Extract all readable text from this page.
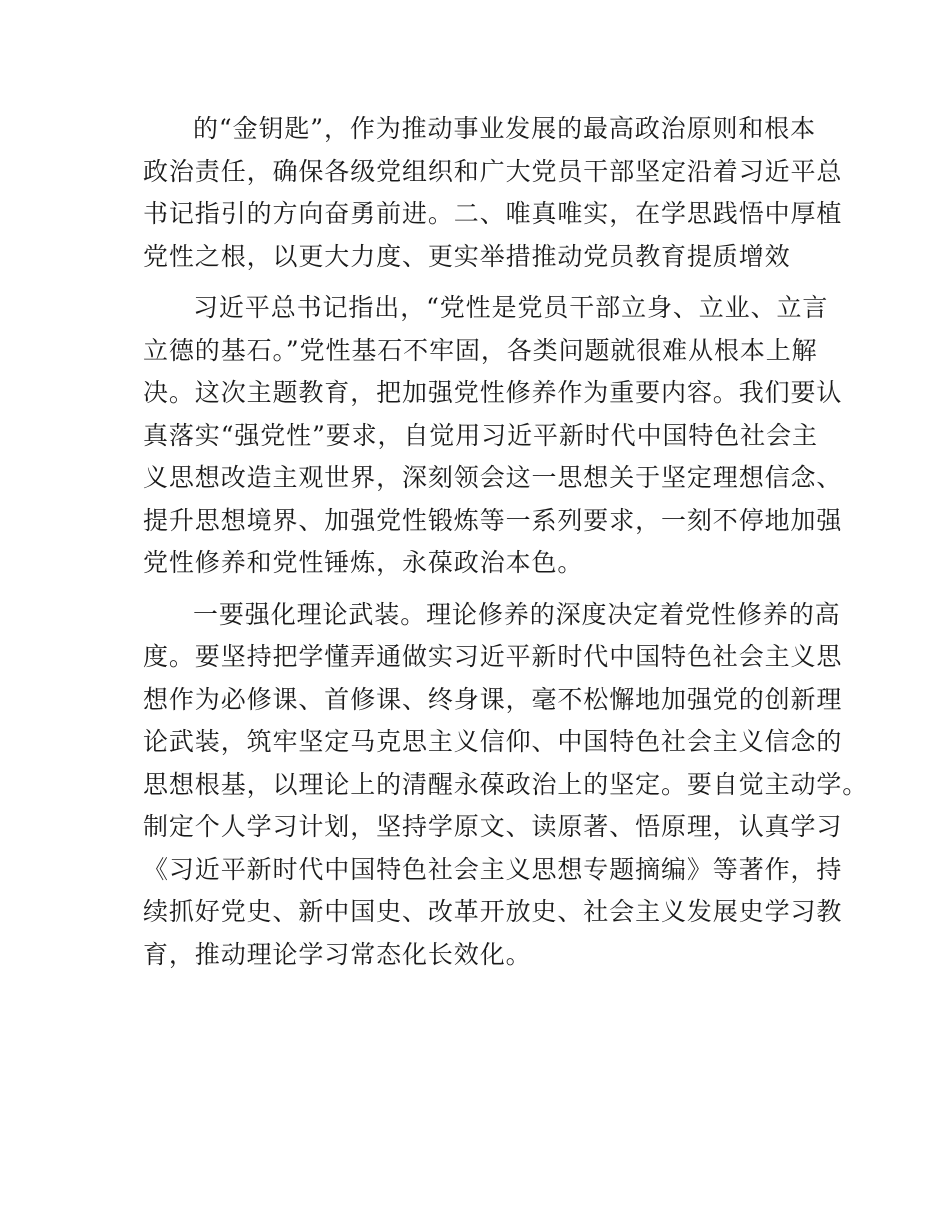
的“金钥匙”，作为推动事业发展的最高政治原则和根本
政治责任，确保各级党组织和广大党员干部坚定沿着习近平总
书记指引的方向奋勇前进。二、唯真唯实，在学思践悟中厚植
党性之根，以更大力度、更实举措推动党员教育提质增效

习近平总书记指出，“党性是党员干部立身、立业、立言
立德的基石。”党性基石不牢固，各类问题就很难从根本上解
决。这次主题教育，把加强党性修养作为重要内容。我们要认
真落实“强党性”要求，自觉用习近平新时代中国特色社会主
义思想改造主观世界，深刻领会这一思想关于坚定理想信念、
提升思想境界、加强党性锻炼等一系列要求，一刻不停地加强
党性修养和党性锤炼，永葆政治本色。

一要强化理论武装。理论修养的深度决定着党性修养的高
度。要坚持把学懂弄通做实习近平新时代中国特色社会主义思
想作为必修课、首修课、终身课，毫不松懈地加强党的创新理
论武装，筑牢坚定马克思主义信仰、中国特色社会主义信念的
思想根基，以理论上的清醒永葆政治上的坚定。要自觉主动学。
制定个人学习计划，坚持学原文、读原著、悟原理，认真学习
《习近平新时代中国特色社会主义思想专题摘编》等著作，持
续抓好党史、新中国史、改革开放史、社会主义发展史学习教
育，推动理论学习常态化长效化。
